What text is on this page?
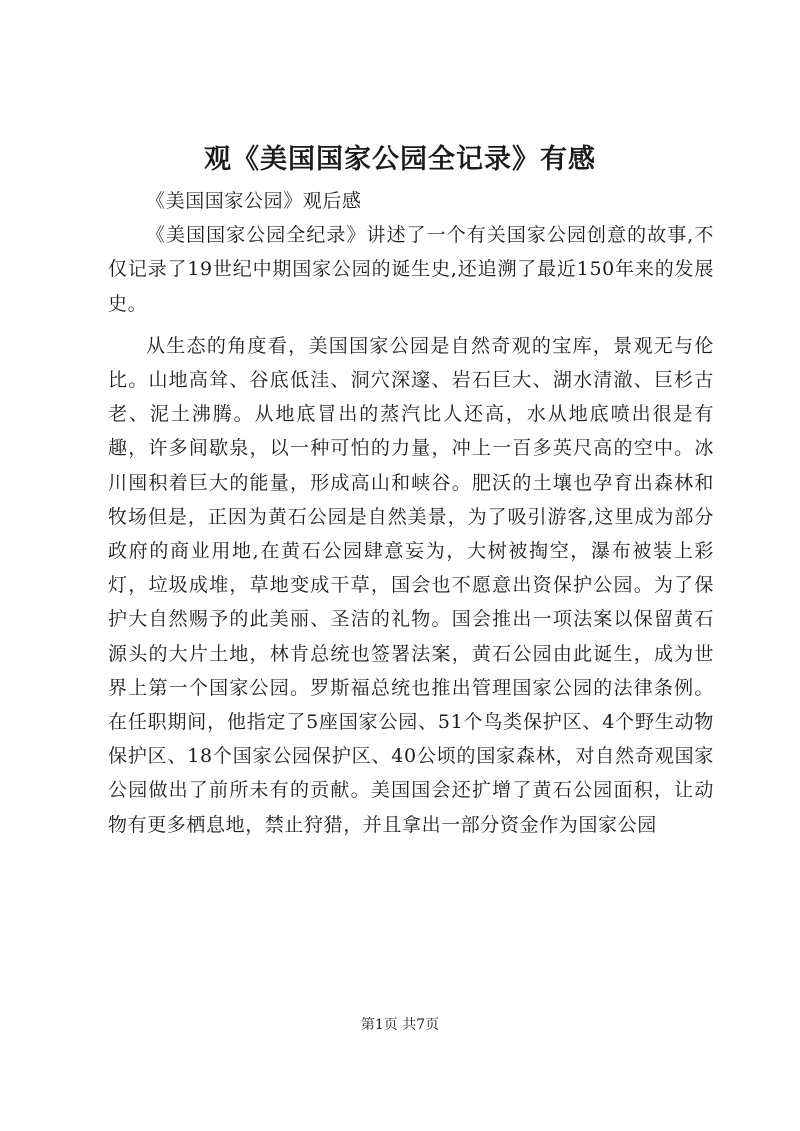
观《美国国家公园全记录》有感

《美国国家公园》观后感

《美国国家公园全纪录》讲述了一个有关国家公园创意的故事,不仅记录了19世纪中期国家公园的诞生史,还追溯了最近150年来的发展史。

从生态的角度看，美国国家公园是自然奇观的宝库，景观无与伦比。山地高耸、谷底低洼、洞穴深邃、岩石巨大、湖水清澈、巨杉古老、泥土沸腾。从地底冒出的蒸汽比人还高，水从地底喷出很是有趣，许多间歇泉，以一种可怕的力量，冲上一百多英尺高的空中。冰川囤积着巨大的能量，形成高山和峡谷。肥沃的土壤也孕育出森林和牧场但是，正因为黄石公园是自然美景，为了吸引游客,这里成为部分政府的商业用地,在黄石公园肆意妄为，大树被掏空，瀑布被装上彩灯，垃圾成堆，草地变成干草，国会也不愿意出资保护公园。为了保护大自然赐予的此美丽、圣洁的礼物。国会推出一项法案以保留黄石源头的大片土地，林肯总统也签署法案，黄石公园由此诞生，成为世界上第一个国家公园。罗斯福总统也推出管理国家公园的法律条例。在任职期间，他指定了5座国家公园、51个鸟类保护区、4个野生动物保护区、18个国家公园保护区、40公顷的国家森林，对自然奇观国家公园做出了前所未有的贡献。美国国会还扩增了黄石公园面积，让动物有更多栖息地，禁止狩猎，并且拿出一部分资金作为国家公园

第1页 共7页
